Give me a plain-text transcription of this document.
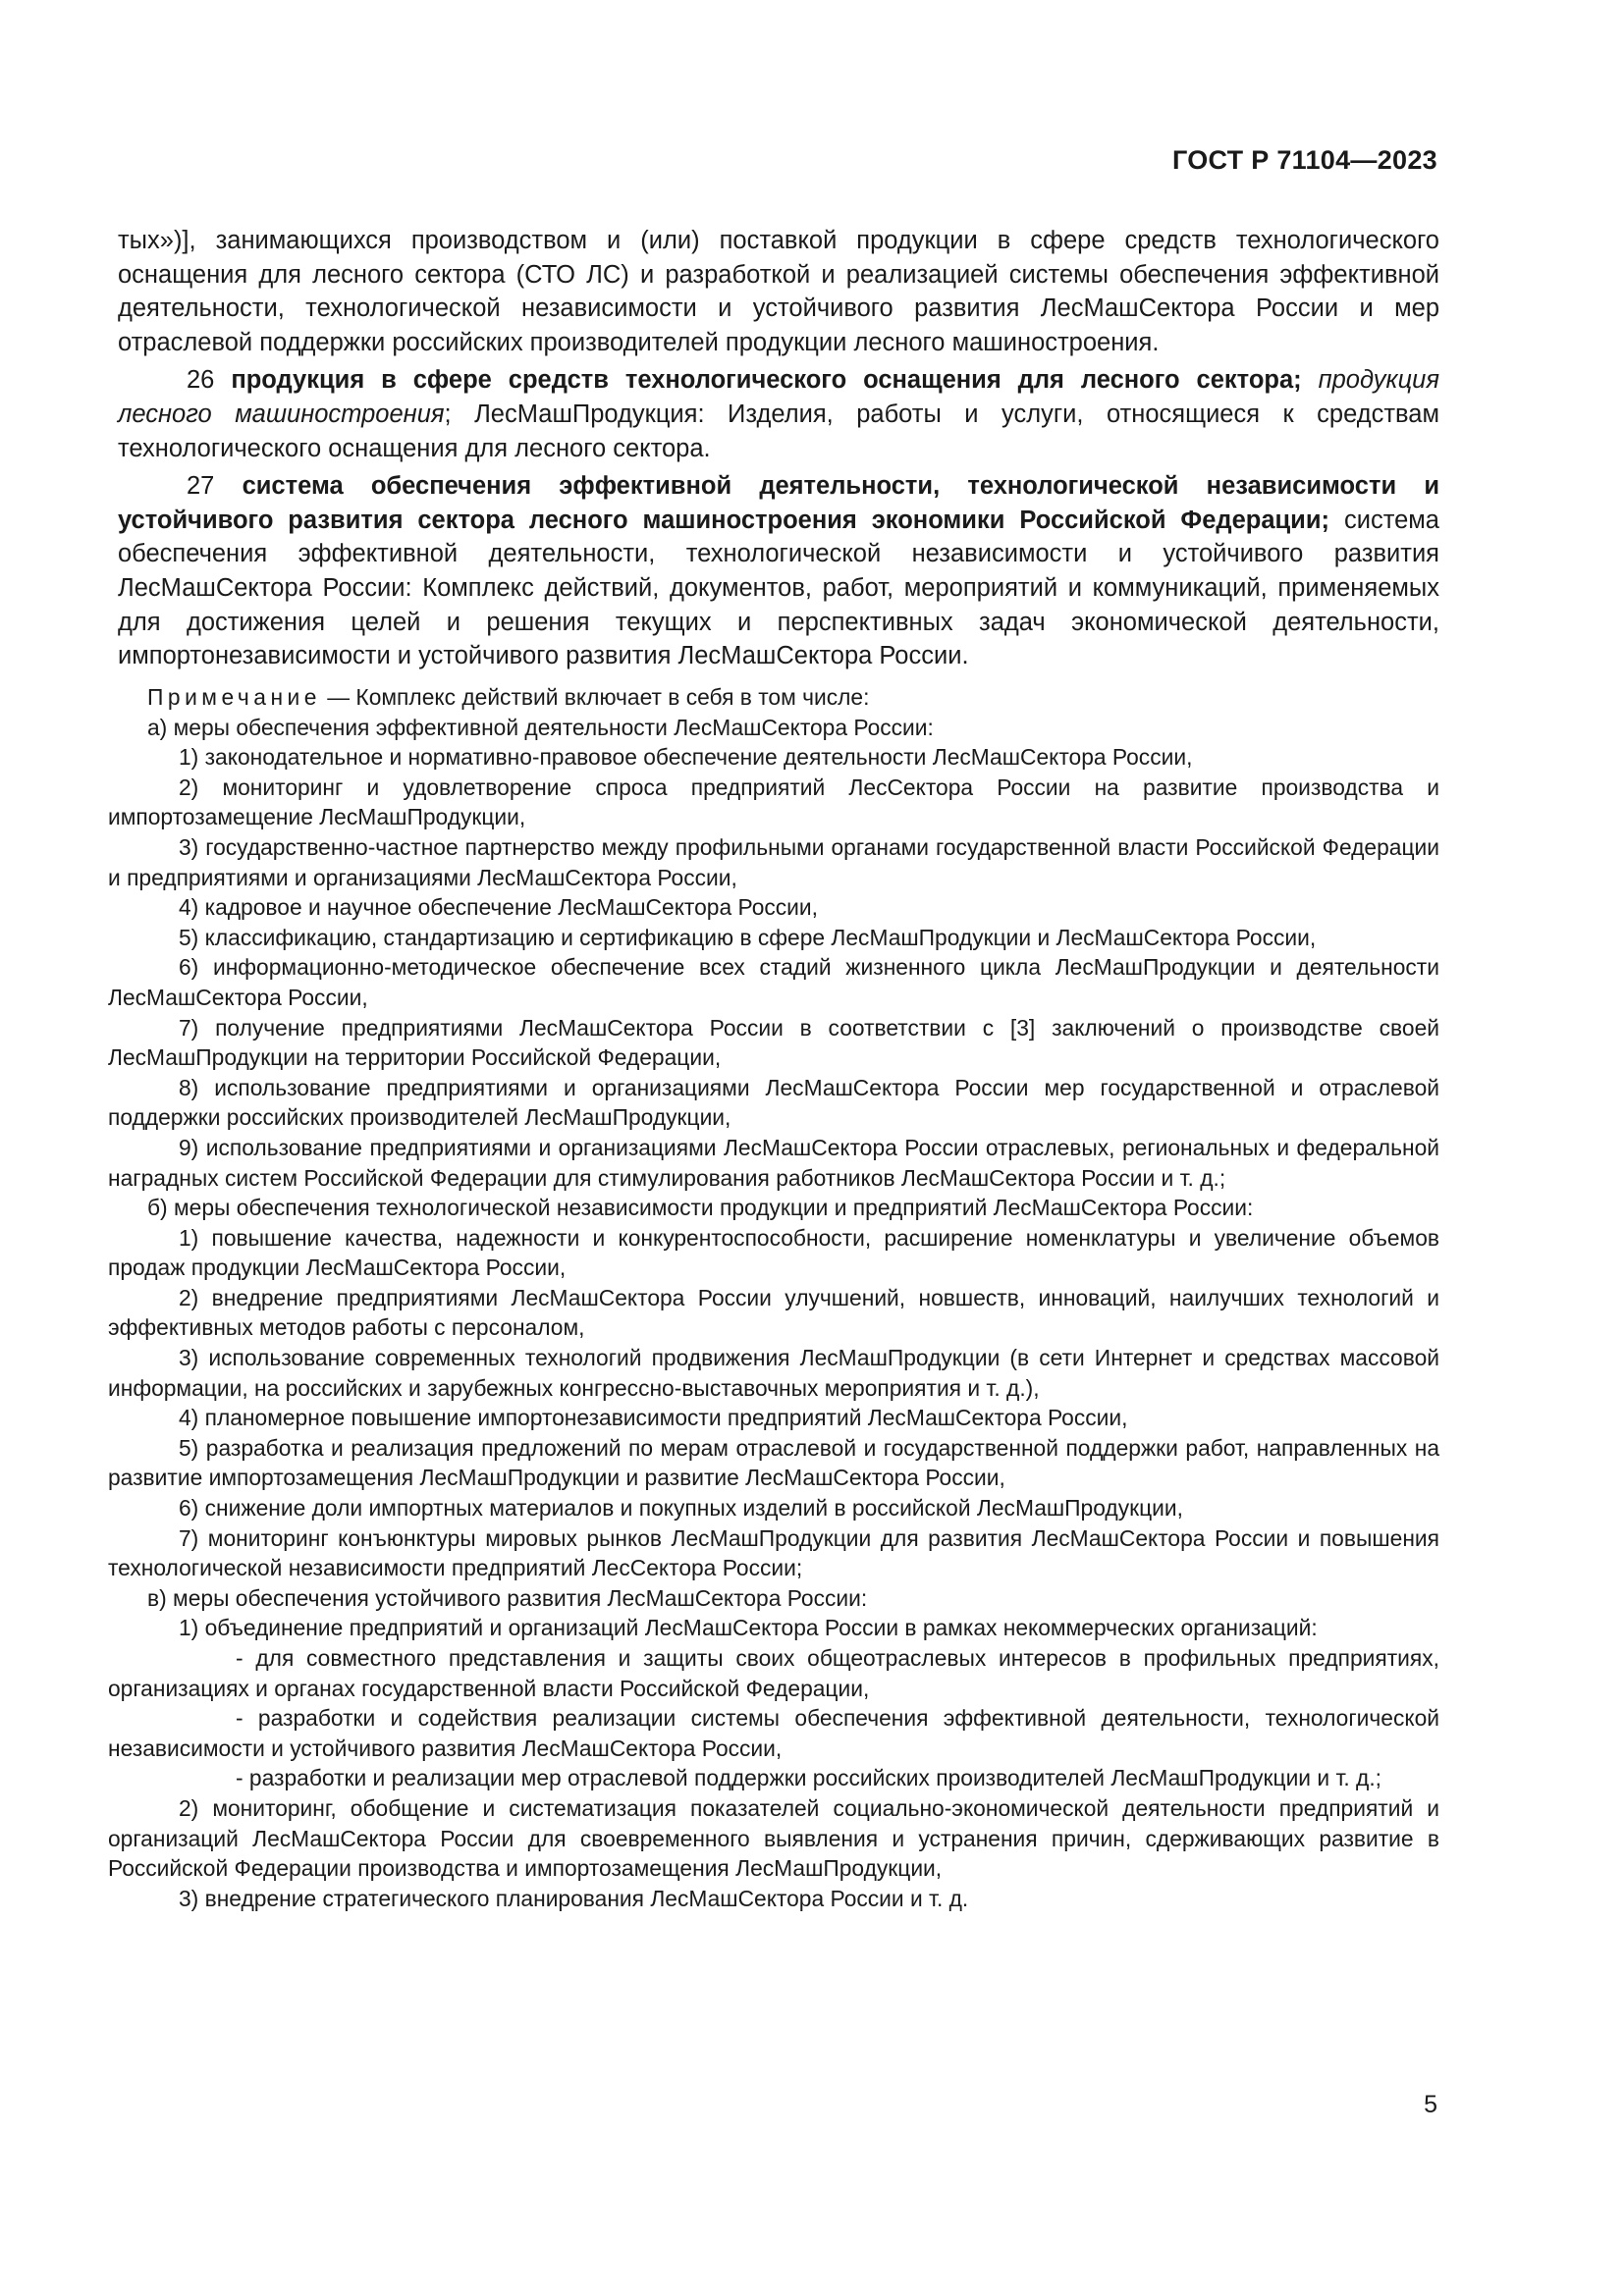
ГОСТ Р 71104—2023

тых»)], занимающихся производством и (или) поставкой продукции в сфере средств технологического оснащения для лесного сектора (СТО ЛС) и разработкой и реализацией системы обеспечения эффективной деятельности, технологической независимости и устойчивого развития ЛесМашСектора России и мер отраслевой поддержки российских производителей продукции лесного машиностроения.

26 продукция в сфере средств технологического оснащения для лесного сектора; продукция лесного машиностроения; ЛесМашПродукция: Изделия, работы и услуги, относящиеся к средствам технологического оснащения для лесного сектора.

27 система обеспечения эффективной деятельности, технологической независимости и устойчивого развития сектора лесного машиностроения экономики Российской Федерации; система обеспечения эффективной деятельности, технологической независимости и устойчивого развития ЛесМашСектора России: Комплекс действий, документов, работ, мероприятий и коммуникаций, применяемых для достижения целей и решения текущих и перспективных задач экономической деятельности, импортонезависимости и устойчивого развития ЛесМашСектора России.

Примечание — Комплекс действий включает в себя в том числе:

а) меры обеспечения эффективной деятельности ЛесМашСектора России:

1) законодательное и нормативно-правовое обеспечение деятельности ЛесМашСектора России,

2) мониторинг и удовлетворение спроса предприятий ЛесСектора России на развитие производства и импортозамещение ЛесМашПродукции,

3) государственно-частное партнерство между профильными органами государственной власти Российской Федерации и предприятиями и организациями ЛесМашСектора России,

4) кадровое и научное обеспечение ЛесМашСектора России,

5) классификацию, стандартизацию и сертификацию в сфере ЛесМашПродукции и ЛесМашСектора России,

6) информационно-методическое обеспечение всех стадий жизненного цикла ЛесМашПродукции и деятельности ЛесМашСектора России,

7) получение предприятиями ЛесМашСектора России в соответствии с [3] заключений о производстве своей ЛесМашПродукции на территории Российской Федерации,

8) использование предприятиями и организациями ЛесМашСектора России мер государственной и отраслевой поддержки российских производителей ЛесМашПродукции,

9) использование предприятиями и организациями ЛесМашСектора России отраслевых, региональных и федеральной наградных систем Российской Федерации для стимулирования работников ЛесМашСектора России и т. д.;

б) меры обеспечения технологической независимости продукции и предприятий ЛесМашСектора России:

1) повышение качества, надежности и конкурентоспособности, расширение номенклатуры и увеличение объемов продаж продукции ЛесМашСектора России,

2) внедрение предприятиями ЛесМашСектора России улучшений, новшеств, инноваций, наилучших технологий и эффективных методов работы с персоналом,

3) использование современных технологий продвижения ЛесМашПродукции (в сети Интернет и средствах массовой информации, на российских и зарубежных конгрессно-выставочных мероприятия и т. д.),

4) планомерное повышение импортонезависимости предприятий ЛесМашСектора России,

5) разработка и реализация предложений по мерам отраслевой и государственной поддержки работ, направленных на развитие импортозамещения ЛесМашПродукции и развитие ЛесМашСектора России,

6) снижение доли импортных материалов и покупных изделий в российской ЛесМашПродукции,

7) мониторинг конъюнктуры мировых рынков ЛесМашПродукции для развития ЛесМашСектора России и повышения технологической независимости предприятий ЛесСектора России;

в) меры обеспечения устойчивого развития ЛесМашСектора России:

1) объединение предприятий и организаций ЛесМашСектора России в рамках некоммерческих организаций:

- для совместного представления и защиты своих общеотраслевых интересов в профильных предприятиях, организациях и органах государственной власти Российской Федерации,

- разработки и содействия реализации системы обеспечения эффективной деятельности, технологической независимости и устойчивого развития ЛесМашСектора России,

- разработки и реализации мер отраслевой поддержки российских производителей ЛесМашПродукции и т. д.;

2) мониторинг, обобщение и систематизация показателей социально-экономической деятельности предприятий и организаций ЛесМашСектора России для своевременного выявления и устранения причин, сдерживающих развитие в Российской Федерации производства и импортозамещения ЛесМашПродукции,

3) внедрение стратегического планирования ЛесМашСектора России и т. д.

5
